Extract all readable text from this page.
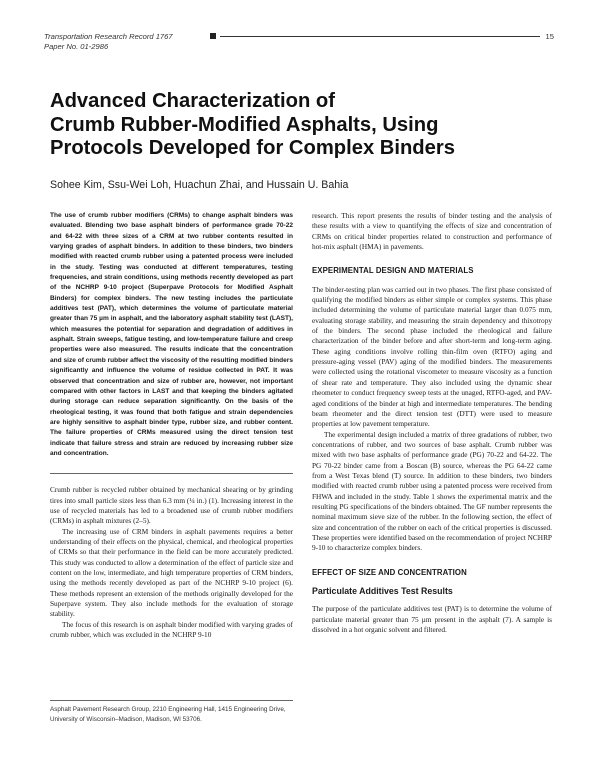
Transportation Research Record 1767
Paper No. 01-2986
15
Advanced Characterization of
Crumb Rubber-Modified Asphalts, Using
Protocols Developed for Complex Binders
Sohee Kim, Ssu-Wei Loh, Huachun Zhai, and Hussain U. Bahia

The use of crumb rubber modifiers (CRMs) to change asphalt binders was evaluated. Blending two base asphalt binders of performance grade 70-22 and 64-22 with three sizes of a CRM at two rubber contents resulted in varying grades of asphalt binders. In addition to these binders, two binders modified with reacted crumb rubber using a patented process were included in the study. Testing was conducted at different temperatures, testing frequencies, and strain conditions, using methods recently developed as part of the NCHRP 9-10 project (Superpave Protocols for Modified Asphalt Binders) for complex binders. The new testing includes the particulate additives test (PAT), which determines the volume of particulate material greater than 75 µm in asphalt, and the laboratory asphalt stability test (LAST), which measures the potential for separation and degradation of additives in asphalt. Strain sweeps, fatigue testing, and low-temperature failure and creep properties were also measured. The results indicate that the concentration and size of crumb rubber affect the viscosity of the resulting modified binders significantly and influence the volume of residue collected in PAT. It was observed that concentration and size of rubber are, however, not important compared with other factors in LAST and that keeping the binders agitated during storage can reduce separation significantly. On the basis of the rheological testing, it was found that both fatigue and strain dependencies are highly sensitive to asphalt binder type, rubber size, and rubber content. The failure properties of CRMs measured using the direct tension test indicate that failure stress and strain are reduced by increasing rubber size and concentration.

Crumb rubber is recycled rubber obtained by mechanical shearing or by grinding tires into small particle sizes less than 6.3 mm (¼ in.) (1). Increasing interest in the use of recycled materials has led to a broadened use of crumb rubber modifiers (CRMs) in asphalt mixtures (2–5).

The increasing use of CRM binders in asphalt pavements requires a better understanding of their effects on the physical, chemical, and rheological properties of CRMs so that their performance in the field can be more accurately predicted. This study was conducted to allow a determination of the effect of particle size and content on the low, intermediate, and high temperature properties of CRM binders, using the methods recently developed as part of the NCHRP 9-10 project (6). These methods represent an extension of the methods originally developed for the Superpave system. They also include methods for the evaluation of storage stability.

The focus of this research is on asphalt binder modified with varying grades of crumb rubber, which was excluded in the NCHRP 9-10

Asphalt Pavement Research Group, 2210 Engineering Hall, 1415 Engineering Drive, University of Wisconsin–Madison, Madison, WI 53706.

research. This report presents the results of binder testing and the analysis of these results with a view to quantifying the effects of size and concentration of CRMs on critical binder properties related to construction and performance of hot-mix asphalt (HMA) in pavements.

EXPERIMENTAL DESIGN AND MATERIALS

The binder-testing plan was carried out in two phases. The first phase consisted of qualifying the modified binders as either simple or complex systems. This phase included determining the volume of particulate material larger than 0.075 mm, evaluating storage stability, and measuring the strain dependency and thixotropy of the binders. The second phase included the rheological and failure characterization of the binder before and after short-term and long-term aging. These aging conditions involve rolling thin-film oven (RTFO) aging and pressure-aging vessel (PAV) aging of the modified binders. The measurements were collected using the rotational viscometer to measure viscosity as a function of shear rate and temperature. They also included using the dynamic shear rheometer to conduct frequency sweep tests at the unaged, RTFO-aged, and PAV-aged conditions of the binder at high and intermediate temperatures. The bending beam rheometer and the direct tension test (DTT) were used to measure properties at low pavement temperature.

The experimental design included a matrix of three gradations of rubber, two concentrations of rubber, and two sources of base asphalt. Crumb rubber was mixed with two base asphalts of performance grade (PG) 70-22 and 64-22. The PG 70-22 binder came from a Boscan (B) source, whereas the PG 64-22 came from a West Texas blend (T) source. In addition to these binders, two binders modified with reacted crumb rubber using a patented process were received from FHWA and included in the study. Table 1 shows the experimental matrix and the resulting PG specifications of the binders obtained. The GF number represents the nominal maximum sieve size of the rubber. In the following section, the effect of size and concentration of the rubber on each of the critical properties is discussed. These properties were identified based on the recommendation of project NCHRP 9-10 to characterize complex binders.

EFFECT OF SIZE AND CONCENTRATION
Particulate Additives Test Results

The purpose of the particulate additives test (PAT) is to determine the volume of particulate material greater than 75 µm present in the asphalt (7). A sample is dissolved in a hot organic solvent and filtered.
